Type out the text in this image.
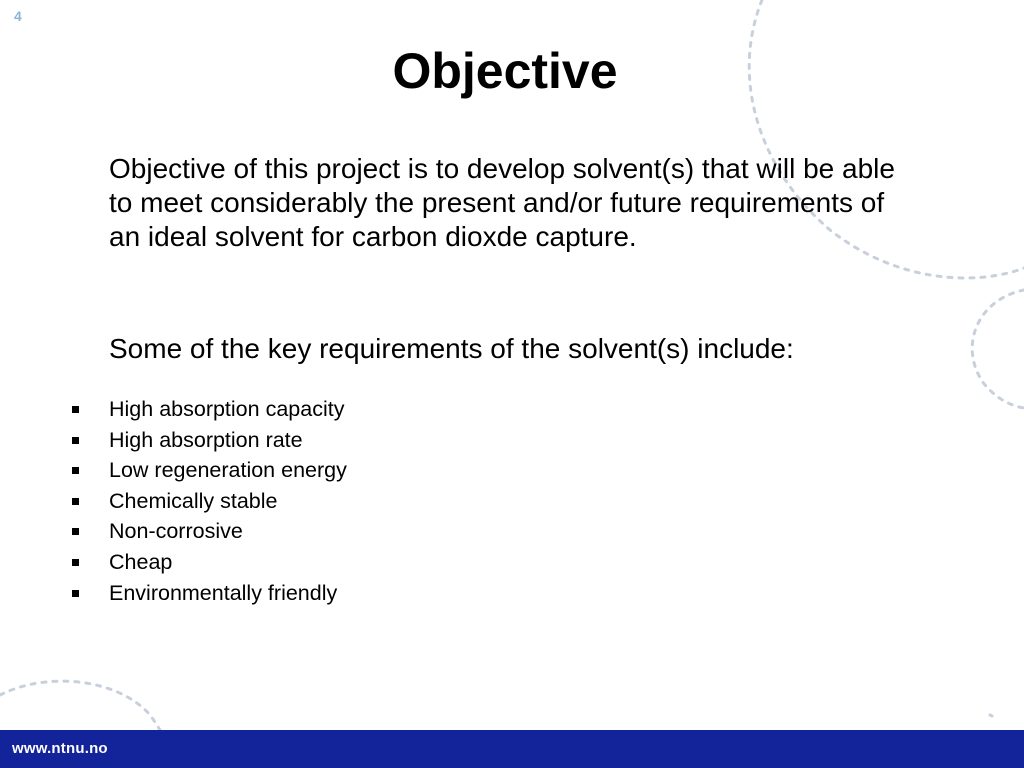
4
Objective

Objective of this project is to develop solvent(s) that will be able to meet considerably the present and/or future requirements of an ideal solvent for carbon dioxde capture.

Some of the key requirements of the solvent(s) include:

High absorption capacity
High absorption rate
Low regeneration energy
Chemically stable
Non-corrosive
Cheap
Environmentally friendly
www.ntnu.no
